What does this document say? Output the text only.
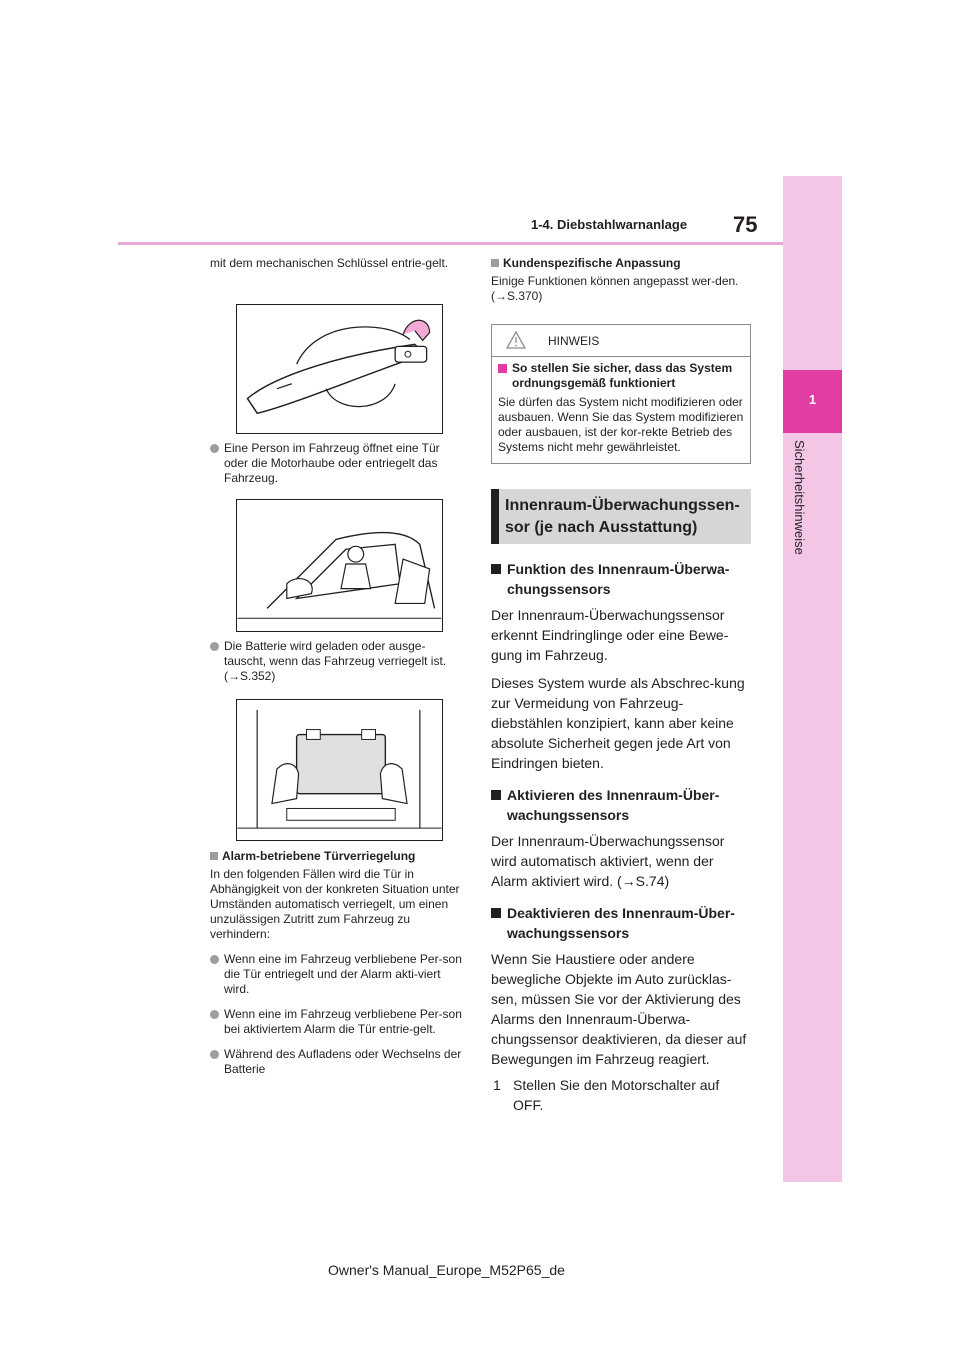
1-4. Diebstahlwarnanlage 75
1
Sicherheitshinweise

mit dem mechanischen Schlüssel entrie-gelt.

Eine Person im Fahrzeug öffnet eine Tür oder die Motorhaube oder entriegelt das Fahrzeug.
Die Batterie wird geladen oder ausge-tauscht, wenn das Fahrzeug verriegelt ist. (→S.352)
Alarm-betriebene Türverriegelung

In den folgenden Fällen wird die Tür in Abhängigkeit von der konkreten Situation unter Umständen automatisch verriegelt, um einen unzulässigen Zutritt zum Fahrzeug zu verhindern:

Wenn eine im Fahrzeug verbliebene Per-son die Tür entriegelt und der Alarm akti-viert wird.
Wenn eine im Fahrzeug verbliebene Per-son bei aktiviertem Alarm die Tür entrie-gelt.
Während des Aufladens oder Wechselns der Batterie
Kundenspezifische Anpassung

Einige Funktionen können angepasst wer-den. (→S.370)

HINWEIS
So stellen Sie sicher, dass das System ordnungsgemäß funktioniert

Sie dürfen das System nicht modifizieren oder ausbauen. Wenn Sie das System modifizieren oder ausbauen, ist der kor-rekte Betrieb des Systems nicht mehr gewährleistet.

Innenraum-Überwachungssen-sor (je nach Ausstattung)
Funktion des Innenraum-Überwa-chungssensors

Der Innenraum-Überwachungssensor erkennt Eindringlinge oder eine Bewe-gung im Fahrzeug.

Dieses System wurde als Abschrec-kung zur Vermeidung von Fahrzeug-diebstählen konzipiert, kann aber keine absolute Sicherheit gegen jede Art von Eindringen bieten.

Aktivieren des Innenraum-Über-wachungssensors

Der Innenraum-Überwachungssensor wird automatisch aktiviert, wenn der Alarm aktiviert wird. (→S.74)

Deaktivieren des Innenraum-Über-wachungssensors

Wenn Sie Haustiere oder andere bewegliche Objekte im Auto zurücklas-sen, müssen Sie vor der Aktivierung des Alarms den Innenraum-Überwa-chungssensor deaktivieren, da dieser auf Bewegungen im Fahrzeug reagiert.

1 Stellen Sie den Motorschalter auf OFF.

Owner's Manual_Europe_M52P65_de
